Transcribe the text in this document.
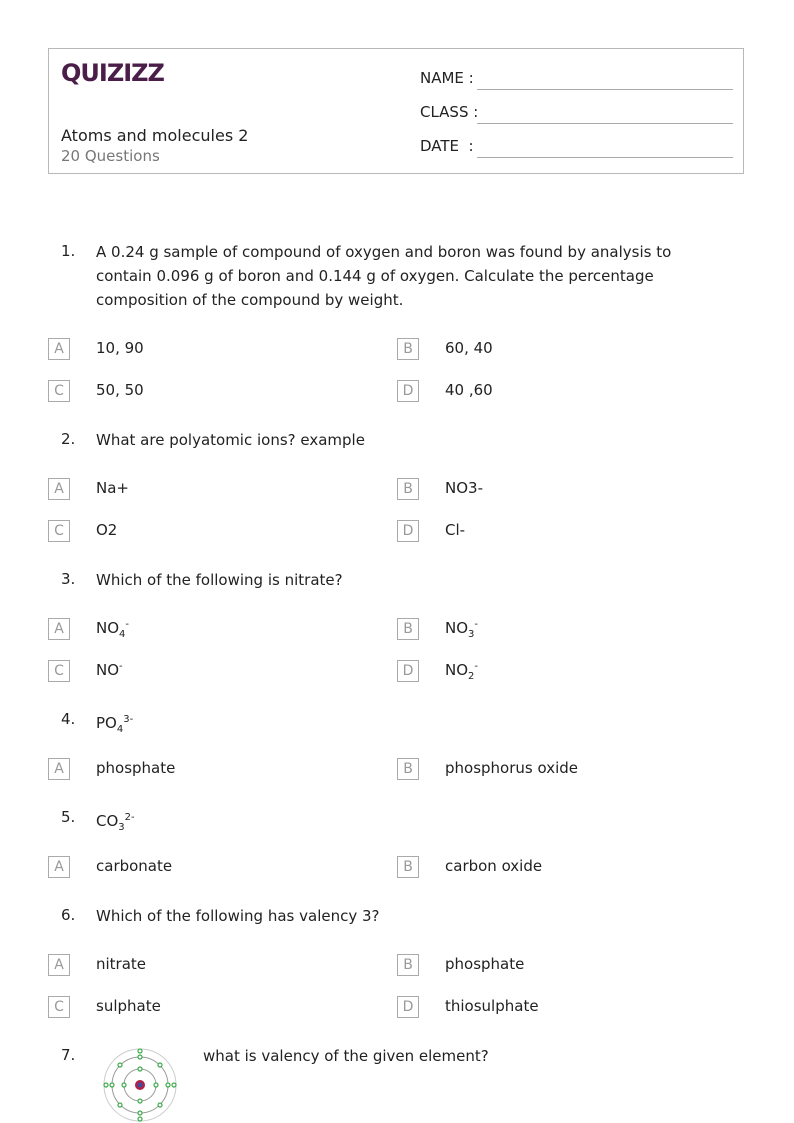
QUIZIZZ
Atoms and molecules 2
20 Questions
NAME :
CLASS :
DATE  :
1. A 0.24 g sample of compound of oxygen and boron was found by analysis to contain 0.096 g of boron and 0.144 g of oxygen. Calculate the percentage composition of the compound by weight.
A	10, 90	B	60, 40
C	50, 50	D	40 ,60
2. What are polyatomic ions? example
A	Na+	B	NO3-
C	O2	D	Cl-
3. Which of the following is nitrate?
A	$NO_4^-$	B	$NO_3^-$
C	NO-	D	$NO_2^-$
4. $PO_4^{3-}$
A	phosphate	B	phosphorus oxide
5. $CO_3^{2-}$
A	carbonate	B	carbon oxide
6. Which of the following has valency 3?
A	nitrate	B	phosphate
C	sulphate	D	thiosulphate
7.	what is valency of the given element?
